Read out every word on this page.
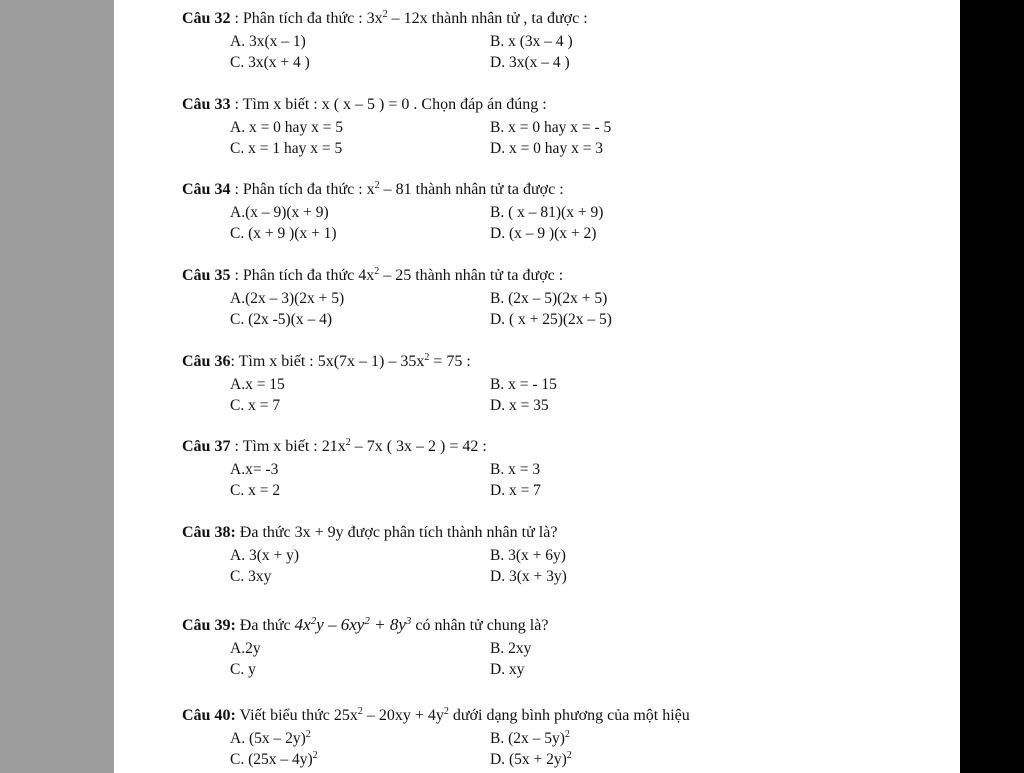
Câu 32 : Phân tích đa thức : $3x^2 - 12x$ thành nhân tử , ta được :
A. 3x(x – 1)	B. x (3x – 4 )
C. 3x(x + 4 )	D. 3x(x – 4 )
Câu 33 : Tìm x biết : x ( x – 5 ) = 0 . Chọn đáp án đúng :
A. x = 0 hay x = 5	B. x = 0 hay x = - 5
C. x = 1 hay x = 5	D. x = 0 hay x = 3
Câu 34 : Phân tích đa thức : $x^2 - 81$ thành nhân tử ta được :
A.(x – 9)(x + 9)	B. ( x – 81)(x + 9)
C. (x + 9 )(x + 1)	D. (x – 9 )(x + 2)
Câu 35 : Phân tích đa thức $4x^2 - 25$ thành nhân tử ta được :
A.(2x – 3)(2x + 5)	B. (2x – 5)(2x + 5)
C. (2x -5)(x – 4)	D. ( x + 25)(2x – 5)
Câu 36: Tìm x biết : $5x(7x - 1) - 35x^2 = 75$ :
A.x = 15	B. x = - 15
C. x = 7	D. x = 35
Câu 37 : Tìm x biết : $21x^2 - 7x$ ( 3x – 2 ) = 42 :
A.x= -3	B. x = 3
C. x = 2	D. x = 7
Câu 38: Đa thức 3x + 9y được phân tích thành nhân tử là?
A. 3(x + y)	B. 3(x + 6y)
C. 3xy	D. 3(x + 3y)
Câu 39: Đa thức $4x^2y - 6xy^2 + 8y^3$ có nhân tử chung là?
A.2y	B. 2xy
C. y	D. xy
Câu 40: Viết biểu thức $25x^2 - 20xy + 4y^2$ dưới dạng bình phương của một hiệu
A. (5x – 2y)$^2$	B. (2x – 5y)$^2$
C. (25x – 4y)$^2$	D. $(5x + 2y)^2$
